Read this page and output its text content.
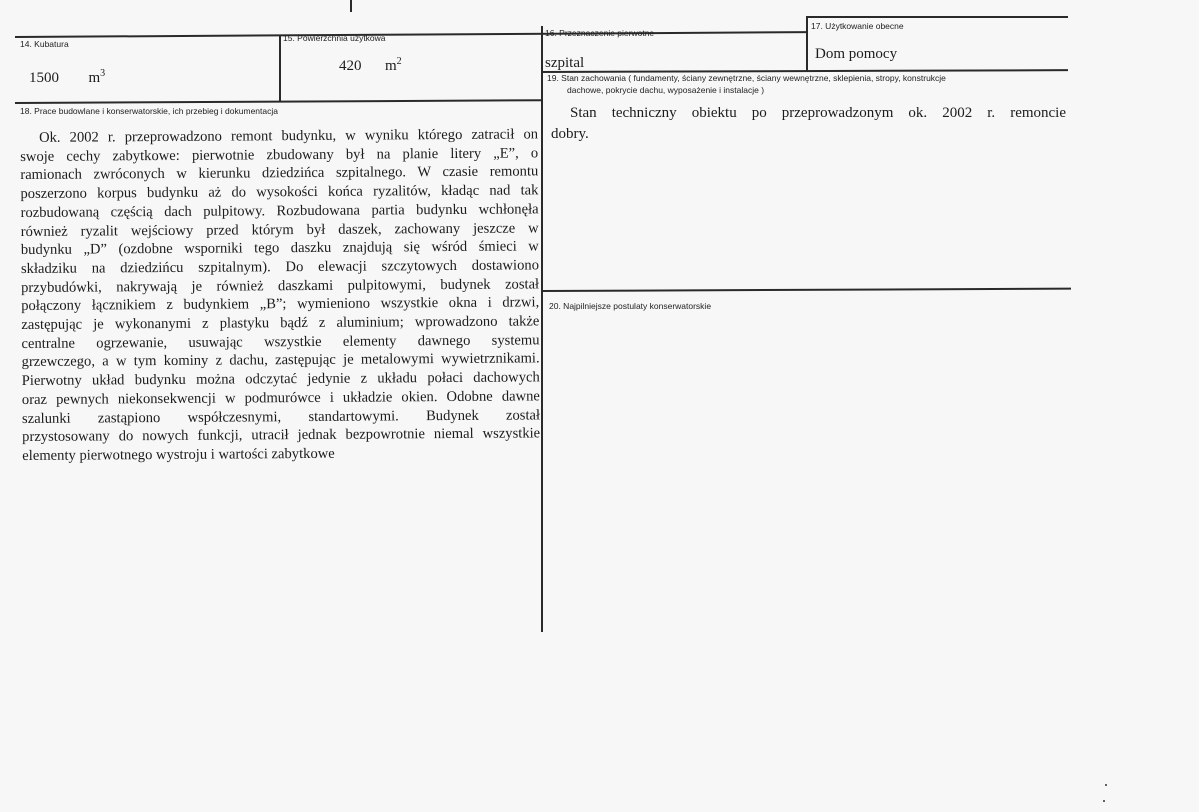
14. Kubatura
1500 $m^3$
15. Powierzchnia użytkowa
420 $m^2$
16. Przeznaczenie pierwotne
szpital
17. Użytkowanie obecne
Dom pomocy
18. Prace budowlane i konserwatorskie, ich przebieg i dokumentacja
Ok. 2002 r. przeprowadzono remont budynku, w wyniku którego zatracił on
swoje cechy zabytkowe: pierwotnie zbudowany był na planie litery „E”, o
ramionach zwróconych w kierunku dziedzińca szpitalnego. W czasie remontu
poszerzono korpus budynku aż do wysokości końca ryzalitów, kładąc nad tak
rozbudowaną częścią dach pulpitowy. Rozbudowana partia budynku wchłonęła
również ryzalit wejściowy przed którym był daszek, zachowany jeszcze w
budynku „D” (ozdobne wsporniki tego daszku znajdują się wśród śmieci w
składziku na dziedzińcu szpitalnym). Do elewacji szczytowych dostawiono
przybudówki, nakrywają je również daszkami pulpitowymi, budynek został
połączony łącznikiem z budynkiem „B”; wymieniono wszystkie okna i drzwi,
zastępując je wykonanymi z plastyku bądź z aluminium; wprowadzono także
centralne ogrzewanie, usuwając wszystkie elementy dawnego systemu
grzewczego, a w tym kominy z dachu, zastępując je metalowymi wywietrznikami.
Pierwotny układ budynku można odczytać jedynie z układu połaci dachowych
oraz pewnych niekonsekwencji w podmurówce i układzie okien. Odobne dawne
szalunki zastąpiono współczesnymi, standartowymi. Budynek został
przystosowany do nowych funkcji, utracił jednak bezpowrotnie niemal wszystkie
elementy pierwotnego wystroju i wartości zabytkowe
19. Stan zachowania ( fundamenty, ściany zewnętrzne, ściany wewnętrzne, sklepienia, stropy, konstrukcje
dachowe, pokrycie dachu, wyposażenie i instalacje )
Stan techniczny obiektu po przeprowadzonym ok. 2002 r. remoncie
dobry.
20. Najpilniejsze postulaty konserwatorskie
